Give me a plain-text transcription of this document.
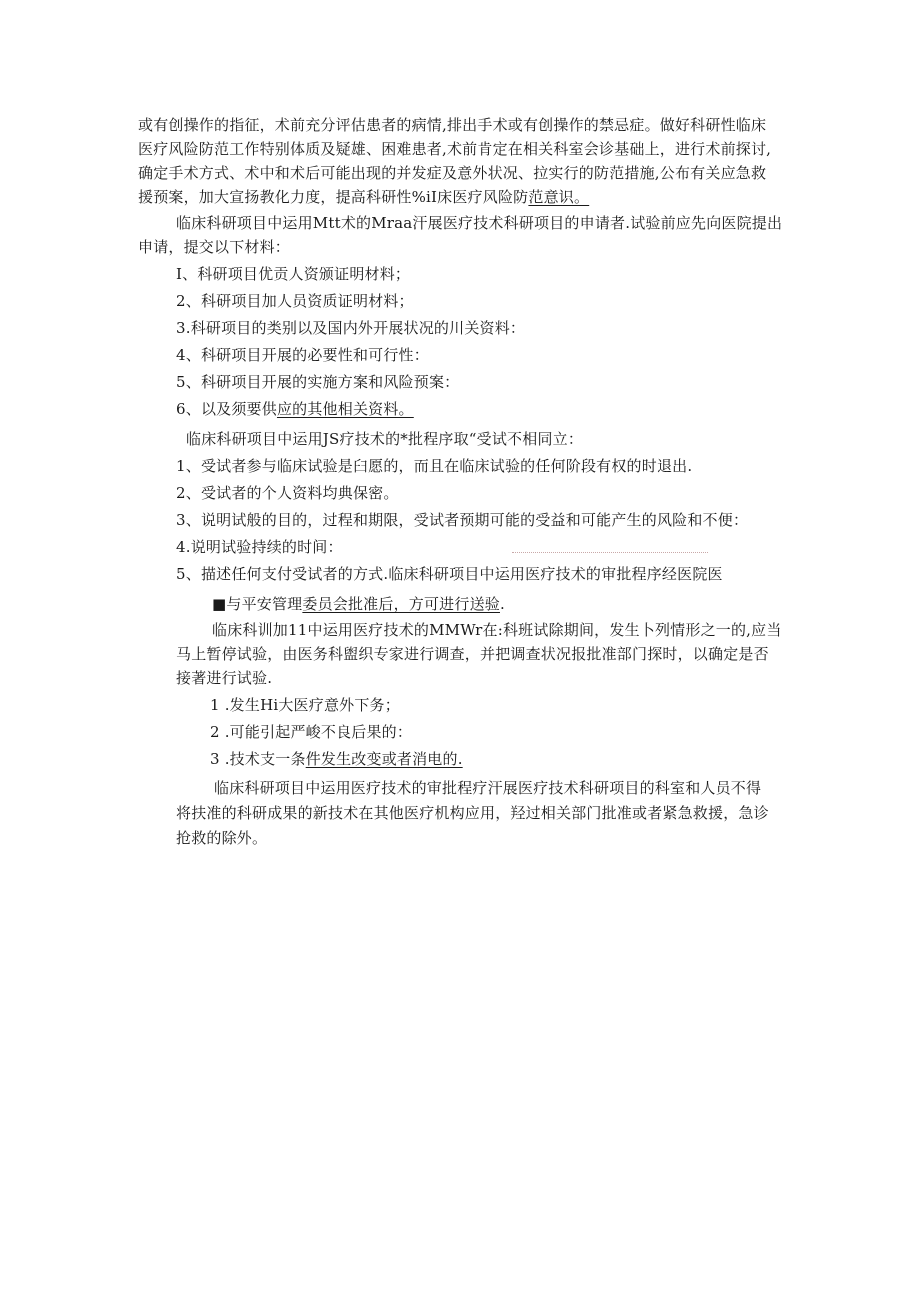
或有创操作的指征，术前充分评估患者的病情,排出手术或有创操作的禁忌症。做好科研性临床
医疗风险防范工作特别体质及疑雄、困难患者,术前肯定在相关科室会诊基础上，进行术前探讨,
确定手术方式、术中和术后可能出现的并发症及意外状况、拉实行的防范措施,公布有关应急救
援预案，加大宣扬教化力度，提高科研性%iI床医疗风险防范意识。
临床科研项目中运用Mtt术的Mraa汗展医疗技术科研项目的申请者.试验前应先向医院提出
申请，提交以下材料：
I、科研项目优贡人资颁证明材料；
2、科研项目加人员资质证明材料；
3.科研项目的类别以及国内外开展状况的川关资料：
4、科研项目开展的必要性和可行性：
5、科研项目开展的实施方案和风险预案：
6、以及须要供应的其他相关资料。
临床科研项目中运用JS疗技术的*批程序取“受试不相同立：
1、受试者参与临床试验是臼愿的，而且在临床试验的任何阶段有权的时退出.
2、受试者的个人资料均典保密。
3、说明试般的目的，过程和期限，受试者预期可能的受益和可能产生的风险和不便：
4.说明试验持续的时间：
5、描述任何支付受试者的方式.临床科研项目中运用医疗技术的审批程序经医院医
■与平安管理委员会批准后，方可进行送验.
临床科训加11中运用医疗技术的MMWr在:科班试除期间，发生卜列情形之一的,应当
马上暂停试验，由医务科盥织专家进行调查，并把调查状况报批准部门探时，以确定是否
接著进行试验.
1 .发生Hi大医疗意外下务；
2 .可能引起严峻不良后果的：
3 .技术支一条件发生改变或者消电的.
临床科研项目中运用医疗技术的审批程疗汗展医疗技术科研项目的科室和人员不得
将扶准的科研成果的新技术在其他医疗机构应用，羟过相关部门批准或者紧急救援，急诊
抢救的除外。
